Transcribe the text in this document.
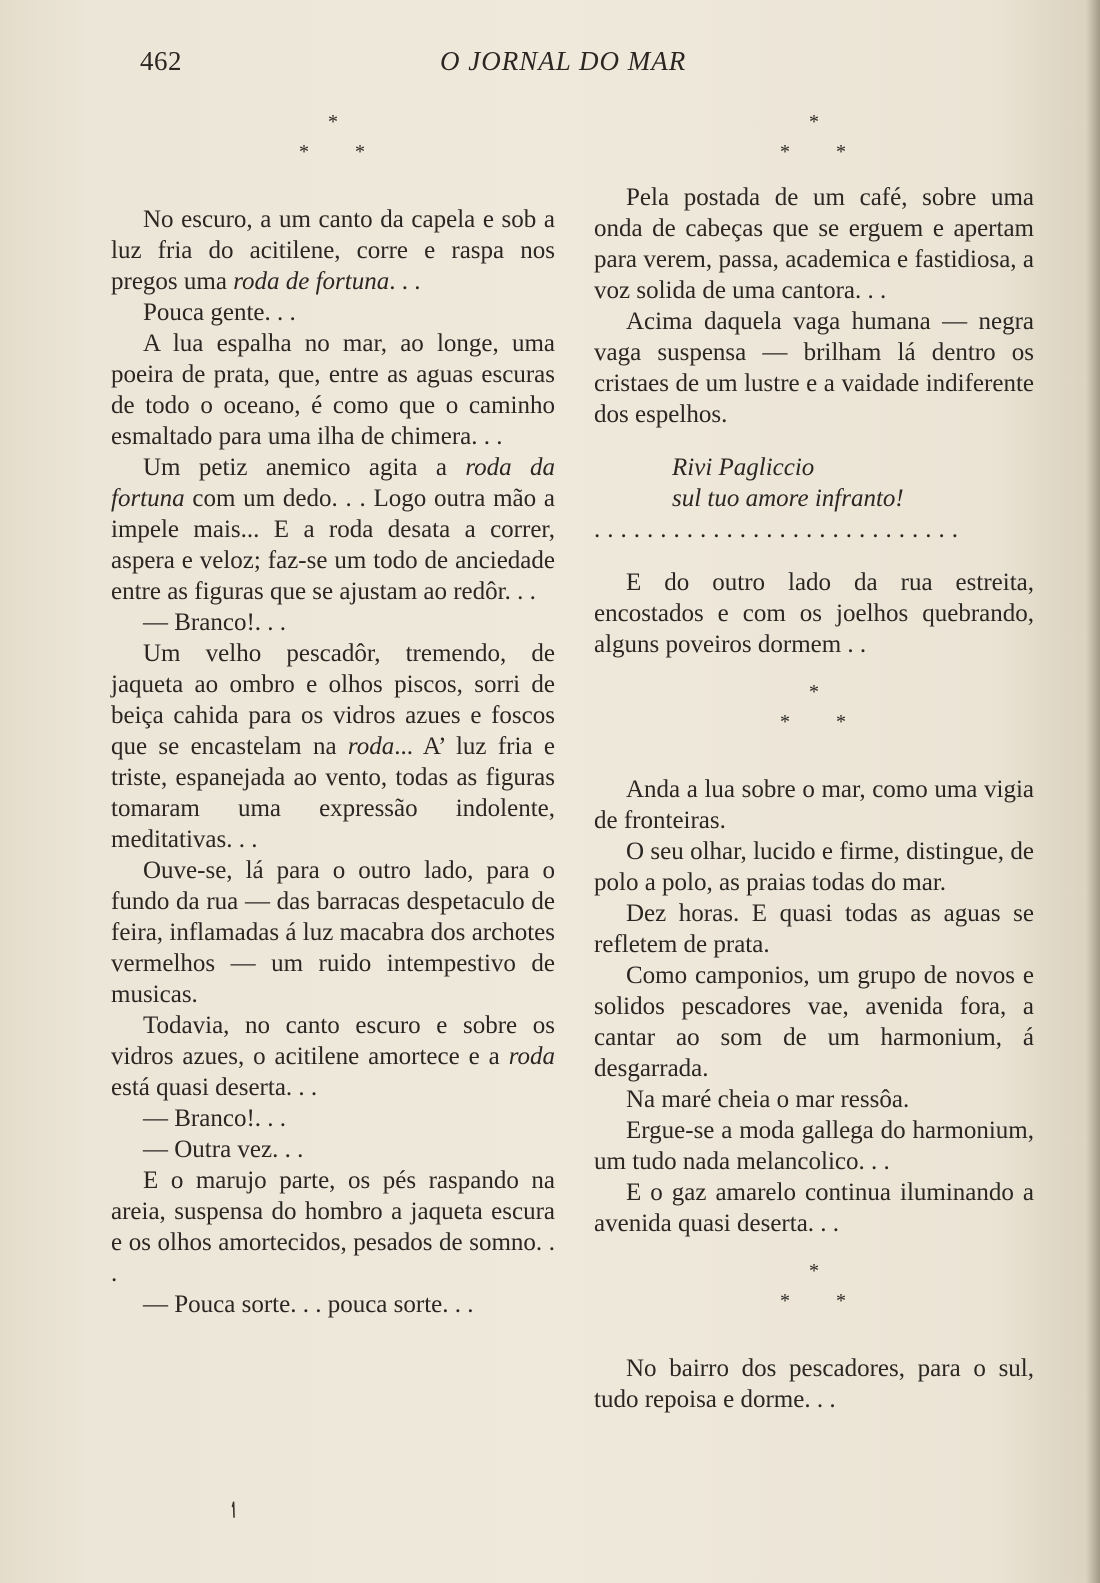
462	O JORNAL DO MAR
*
* *

No escuro, a um canto da capela e sob a luz fria do acitilene, corre e raspa nos pregos uma roda de fortuna. . .

Pouca gente. . .

A lua espalha no mar, ao longe, uma poeira de prata, que, entre as aguas escuras de todo o oceano, é como que o caminho esmaltado para uma ilha de chimera. . .

Um petiz anemico agita a roda da fortuna com um dedo. . . Logo outra mão a impele mais... E a roda desata a correr, aspera e veloz; faz-se um todo de anciedade entre as figuras que se ajustam ao redôr. . .

— Branco!. . .

Um velho pescadôr, tremendo, de jaqueta ao ombro e olhos piscos, sorri de beiça cahida para os vidros azues e foscos que se encastelam na roda... A’ luz fria e triste, espanejada ao vento, todas as figuras tomaram uma expressão indolente, meditativas. . .

Ouve-se, lá para o outro lado, para o fundo da rua — das barracas despetaculo de feira, inflamadas á luz macabra dos archotes vermelhos — um ruido intempestivo de musicas.

Todavia, no canto escuro e sobre os vidros azues, o acitilene amortece e a roda está quasi deserta. . .

— Branco!. . .

— Outra vez. . .

E o marujo parte, os pés raspando na areia, suspensa do hombro a jaqueta escura e os olhos amortecidos, pesados de somno. . .

— Pouca sorte. . . pouca sorte. . .

*
* *

Pela postada de um café, sobre uma onda de cabeças que se erguem e apertam para verem, passa, academica e fastidiosa, a voz solida de uma cantora. . .

Acima daquela vaga humana — negra vaga suspensa — brilham lá dentro os cristaes de um lustre e a vaidade indiferente dos espelhos.

Rivi Pagliccio

sul tuo amore infranto!

............................

E do outro lado da rua estreita, encostados e com os joelhos quebrando, alguns poveiros dormem . .

*
* *

Anda a lua sobre o mar, como uma vigia de fronteiras.

O seu olhar, lucido e firme, distingue, de polo a polo, as praias todas do mar.

Dez horas. E quasi todas as aguas se refletem de prata.

Como camponios, um grupo de novos e solidos pescadores vae, avenida fora, a cantar ao som de um harmonium, á desgarrada.

Na maré cheia o mar ressôa.

Ergue-se a moda gallega do harmonium, um tudo nada melancolico. . .

E o gaz amarelo continua iluminando a avenida quasi deserta. . .

*
* *

No bairro dos pescadores, para o sul, tudo repoisa e dorme. . .
